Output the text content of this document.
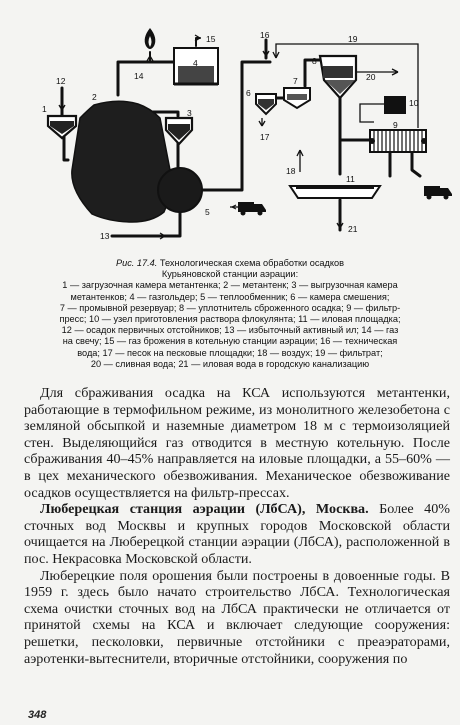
1
2
3
4
5
6
7
8
9
10
11
12
13
14
15	16
17
18
19
20
21
Рис. 17.4. Технологическая схема обработки осадков
Курьяновской станции аэрации:
1 — загрузочная камера метантенка; 2 — метантенк; 3 — выгрузочная камера
метантенков; 4 — газгольдер; 5 — теплообменник; 6 — камера смешения;
7 — промывной резервуар; 8 — уплотнитель сброженного осадка; 9 — фильтр-
пресс; 10 — узел приготовления раствора флокулянта; 11 — иловая площадка;
12 — осадок первичных отстойников; 13 — избыточный активный ил; 14 — газ
на свечу; 15 — газ брожения в котельную станции аэрации; 16 — техническая
вода; 17 — песок на песковые площадки; 18 — воздух; 19 — фильтрат;
20 — сливная вода; 21 — иловая вода в городскую канализацию

Для сбраживания осадка на КСА используются метантенки, работающие в термофильном режиме, из монолитного железобетона с земляной обсыпкой и наземные диаметром 18 м с термоизоляцией стен. Выделяющийся газ отводится в местную котельную. После сбраживания 40–45% направляется на иловые площадки, а 55–60% — в цех механического обезвоживания. Механическое обезвоживание осадков осуществляется на фильтр-прессах.

Люберецкая станция аэрации (ЛбСА), Москва. Более 40% сточных вод Москвы и крупных городов Московской области очищается на Люберецкой станции аэрации (ЛбСА), расположенной в пос. Некрасовка Московской области.

Люберецкие поля орошения были построены в довоенные годы. В 1959 г. здесь было начато строительство ЛбСА. Технологическая схема очистки сточных вод на ЛбСА практически не отличается от принятой схемы на КСА и включает следующие сооружения: решетки, песколовки, первичные отстойники с преаэраторами, аэротенки-вытеснители, вторичные отстойники, сооружения по

348
